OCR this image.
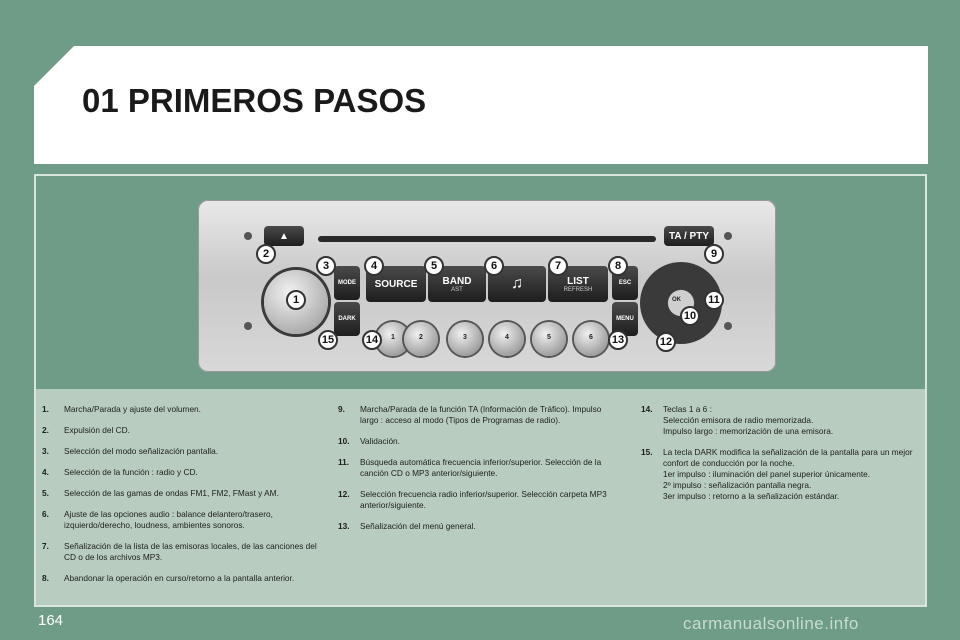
01 PRIMEROS PASOS
▲	TA / PTY
MODE
DARK
SOURCE	BAND
AST	♫	LIST
REFRESH
ESC
MENU
OK
1	2	3	4	5	6
1
2
3	4	5	6	7	8
9
10
11
12
13
14
15
1. Marcha/Parada y ajuste del volumen.
2. Expulsión del CD.
3. Selección del modo señalización pantalla.
4. Selección de la función : radio y CD.
5. Selección de las gamas de ondas FM1, FM2, FMast y AM.
6. Ajuste de las opciones audio : balance delantero/trasero, izquierdo/derecho, loudness, ambientes sonoros.
7. Señalización de la lista de las emisoras locales, de las canciones del CD o de los archivos MP3.
8. Abandonar la operación en curso/retorno a la pantalla anterior.
9. Marcha/Parada de la función TA (Información de Tráfico). Impulso largo : acceso al modo (Tipos de Programas de radio).
10. Validación.
11. Búsqueda automática frecuencia inferior/superior. Selección de la canción CD o MP3 anterior/siguiente.
12. Selección frecuencia radio inferior/superior. Selección carpeta MP3 anterior/siguiente.
13. Señalización del menú general.
14. Teclas 1 a 6 :
Selección emisora de radio memorizada.
Impulso largo : memorización de una emisora.
15. La tecla DARK modifica la señalización de la pantalla para un mejor confort de conducción por la noche.
1er impulso : iluminación del panel superior únicamente.
2º impulso : señalización pantalla negra.
3er impulso : retorno a la señalización estándar.
164	carmanualsonline.info
